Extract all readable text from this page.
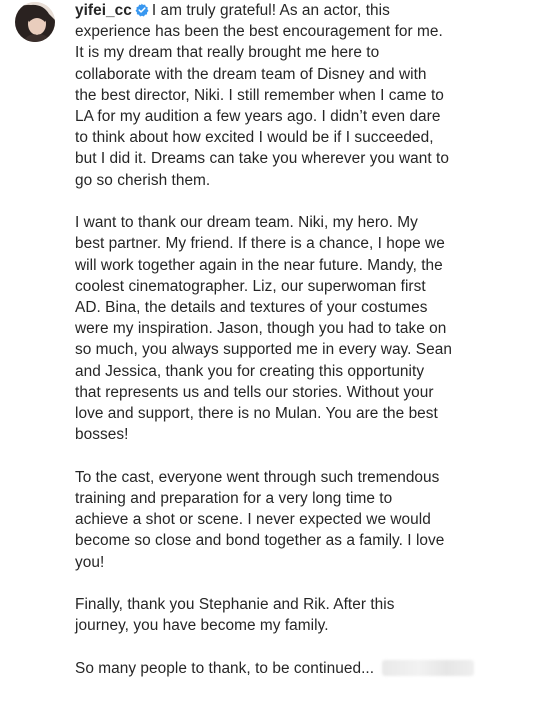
yifei_cc I am truly grateful! As an actor, this
experience has been the best encouragement for me.
It is my dream that really brought me here to
collaborate with the dream team of Disney and with
the best director, Niki. I still remember when I came to
LA for my audition a few years ago. I didn’t even dare
to think about how excited I would be if I succeeded,
but I did it. Dreams can take you wherever you want to
go so cherish them.

I want to thank our dream team. Niki, my hero. My
best partner. My friend. If there is a chance, I hope we
will work together again in the near future. Mandy, the
coolest cinematographer. Liz, our superwoman first
AD. Bina, the details and textures of your costumes
were my inspiration. Jason, though you had to take on
so much, you always supported me in every way. Sean
and Jessica, thank you for creating this opportunity
that represents us and tells our stories. Without your
love and support, there is no Mulan. You are the best
bosses!

To the cast, everyone went through such tremendous
training and preparation for a very long time to
achieve a shot or scene. I never expected we would
become so close and bond together as a family. I love
you!

Finally, thank you Stephanie and Rik. After this
journey, you have become my family.

So many people to thank, to be continued...
